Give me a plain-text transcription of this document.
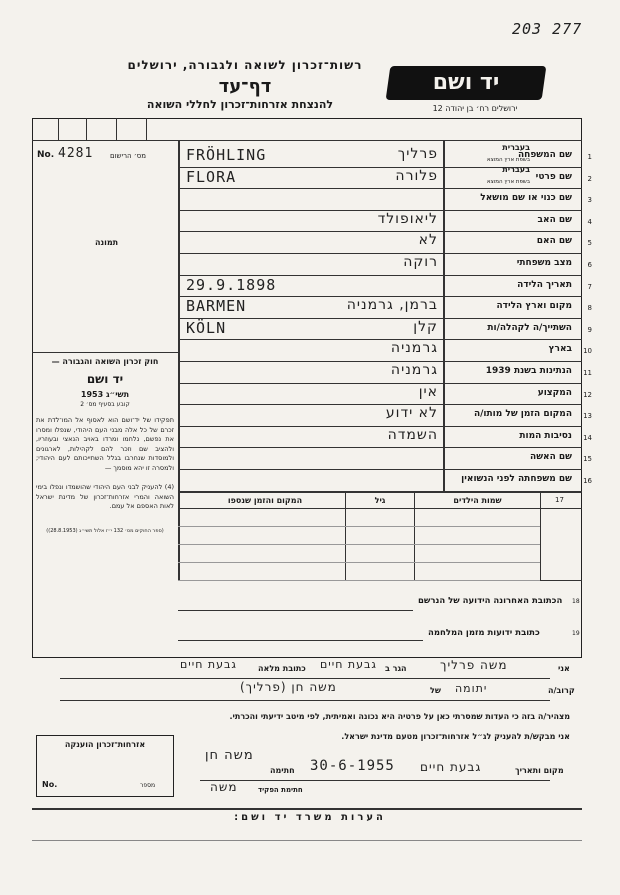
203 277
רשות־זכרון לשואה ולגבורה, ירושלים
דף־עד
להנצחת אזרחות־זכרון לחללי השואה
יד ושם
ירושלים רח׳ בן יהודה 12
No. 4281 מס׳ הרישום
תמונה
1
שם המשפחה
בעברית
בשפת ארץ המוצא
FRÖHLING	פרליך
2
שם פרטי
בעברית
בשפת ארץ המוצא
FLORA	פלורה
3
שם כנוי או שם מושאל
4
שם האב
ליאופולד
5
שם האם
לא
6
מצב משפחתי
רוקה
7
תאריך הלידה
29.9.1898
8
מקום וארץ הלידה
BARMEN	ברמן, גרמניה
9
השתייך/ה לקהלה/ות
KÖLN	קלן
10
בארץ
גרמניה
11
הנתינות בשנת 1939
גרמניה
12
המקצוע
אין
13
המקום הזמן של מותו/ה
לא ידוע
14
נסיבות המות
השמדה
15
שם האשה
16
שם משפחתה לפני הנשואין

חוק זכרון השואה והגבורה —

יד ושם

תשי״ג 1953

קובע בסעיף מס׳ 2

תפקידו של יד־ושם הוא לאסוף אל המו־לדת את זכרם של כל אלה מבני העם היהודי, שנפלו ומסרו את נפשם, נלחמו ומרדו באויב הנאצי ובעוזריו, ולהציב שם וזכר להם לקהילות, לארגונים ולמוסדות שנחרבו בגלל השתייכותם לעם היהודי; ולמסרה זו יהא מוסמך —

(4) להעניק לבני העם היהודי שהושמדו ונפלו בימי השואה והמרי אזרחות־זכרון של מדינת ישראל לאות האספם אל עמם.

(ספר החוקים מס׳ 132 י״ז אלול תשי״ג (28.8.1953))

המקום והזמן שנספו	גיל	שמות הילדים	17
הכתובת האחרונה הידועה של הנרשם 18
כתובת ידועות מזמן המלחמה	19
אני
משה פרליך
הגר ב
גבעת חיים
כתובת מלאה
גבעת חיים
קרוב/ה
יתומה
של
משה חן (פרליך)
מצהיר/ה בזה כי העדות שמסרתי כאן על פרטיה היא נכונה ואמיתית, לפי מיטב ידיעתי והכרתי.
אני מבקש/ת להעניק לג״ל אזרחות־זכרון מטעם מדינת ישראל.
מקום ותאריך
גבעת חיים
30-6-1955
חתימה
משה חן
חתימת הפקיד
משה
אזרחות־זכרון הוענקה
No.	מספר
הערות משרד יד ושם:
